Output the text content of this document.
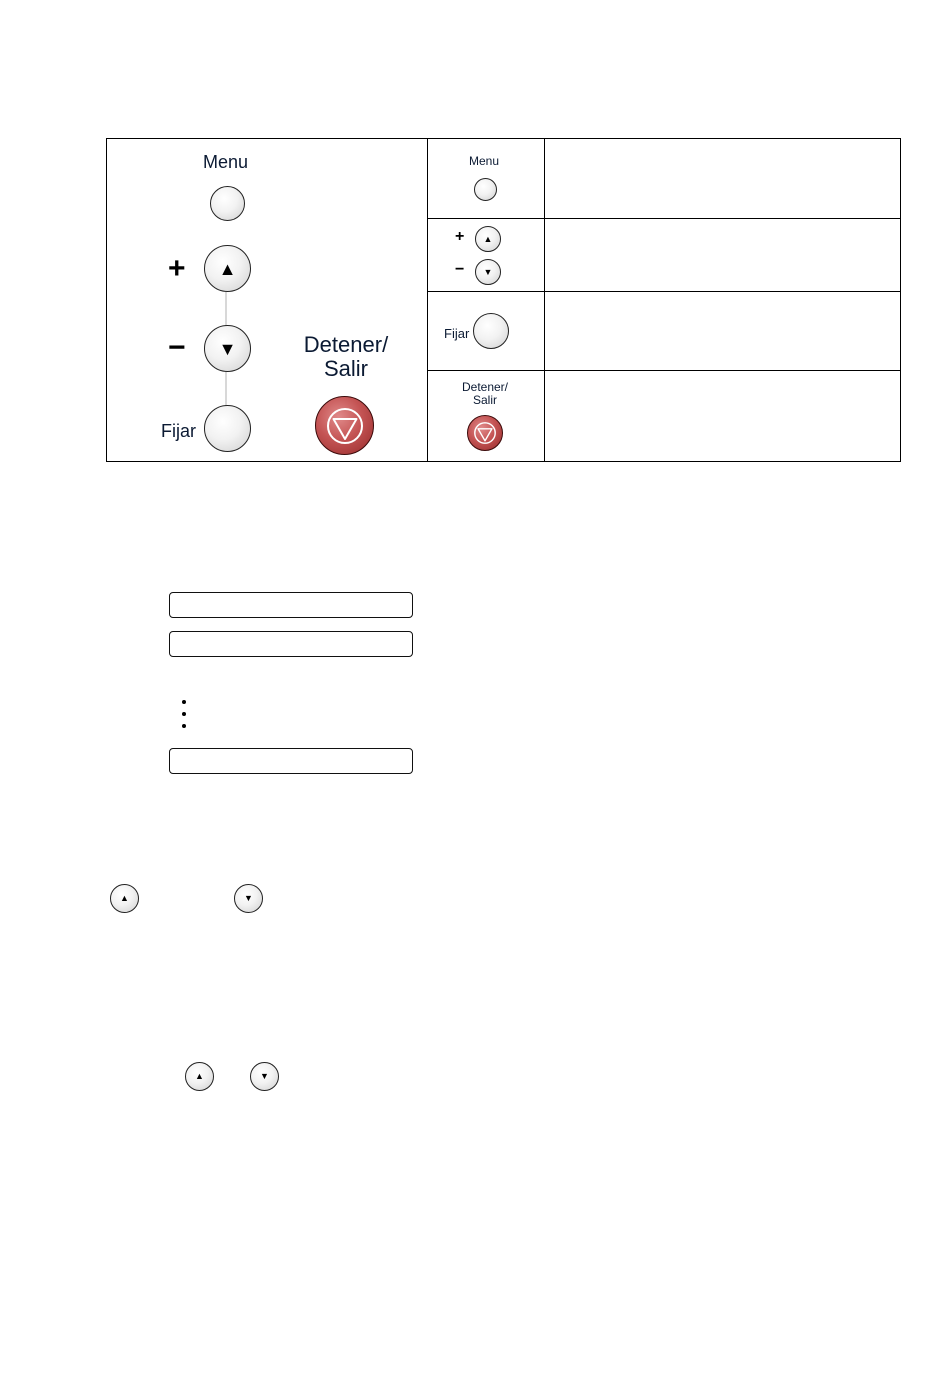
Menu
+ ▲
− ▼
Fijar
Detener/
Salir
Menu
+ ▲
− ▼
Fijar
Detener/
Salir
▲	▼
▲	▼
